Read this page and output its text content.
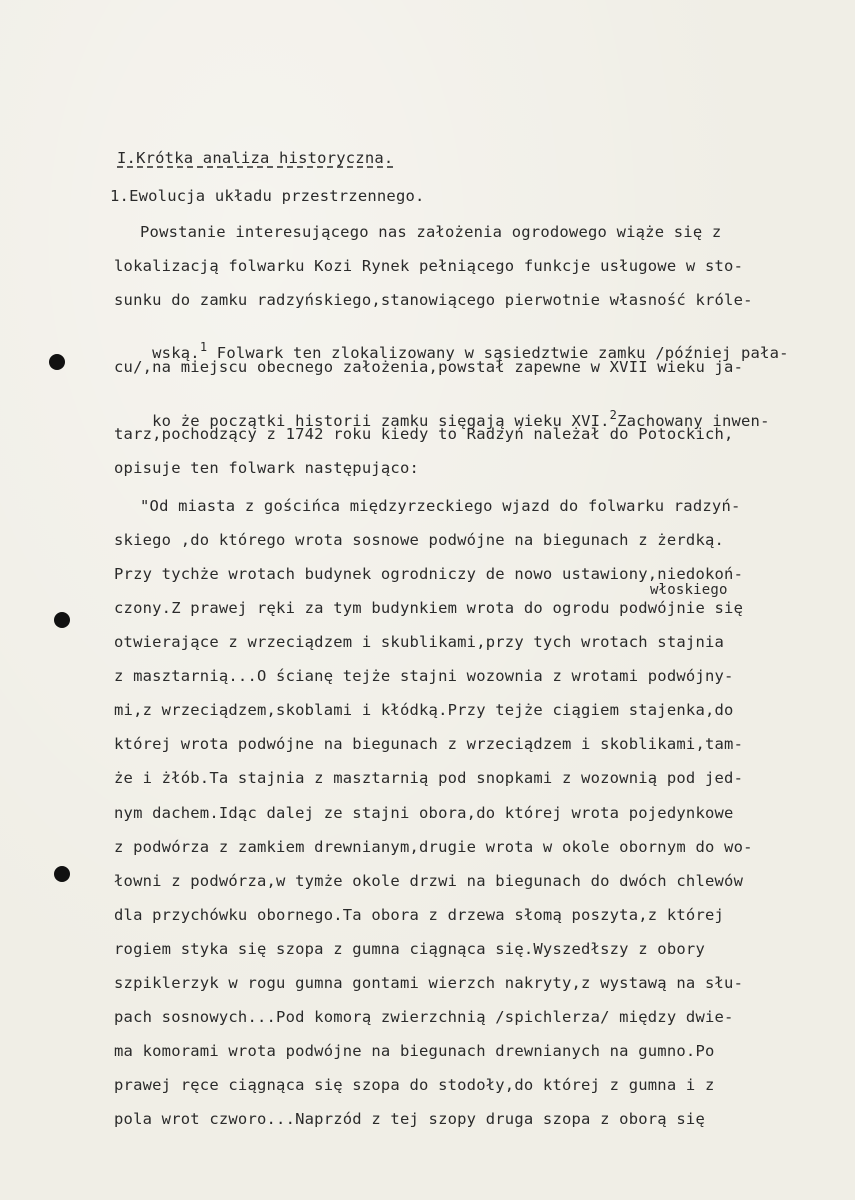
I.Krótka analiza historyczna.
1.Ewolucja układu przestrzennego.
Powstanie interesującego nas założenia ogrodowego wiąże się z
lokalizacją folwarku Kozi Rynek pełniącego funkcje usługowe w sto-
sunku do zamku radzyńskiego,stanowiącego pierwotnie własność króle-

wską.$^1$ Folwark ten zlokalizowany w sąsiedztwie zamku /później pała-

cu/,na miejscu obecnego założenia,powstał zapewne w XVII wieku ja-

ko że początki historii zamku sięgają wieku XVI.$^2$Zachowany inwen-

tarz,pochodzący z 1742 roku kiedy to Radzyń należał do Potockich,
opisuje ten folwark następująco:
"Od miasta z gościńca międzyrzeckiego wjazd do folwarku radzyń-
skiego ,do którego wrota sosnowe podwójne na biegunach z żerdką.
Przy tychże wrotach budynek ogrodniczy de nowo ustawiony,niedokoń-
włoskiego
czony.Z prawej ręki za tym budynkiem wrota do ogrodu podwójnie się
otwierające z wrzeciądzem i skublikami,przy tych wrotach stajnia
z masztarnią...O ścianę tejże stajni wozownia z wrotami podwójny-
mi,z wrzeciądzem,skoblami i kłódką.Przy tejże ciągiem stajenka,do
której wrota podwójne na biegunach z wrzeciądzem i skoblikami,tam-
że i żłób.Ta stajnia z masztarnią pod snopkami z wozownią pod jed-
nym dachem.Idąc dalej ze stajni obora,do której wrota pojedynkowe
z podwórza z zamkiem drewnianym,drugie wrota w okole obornym do wo-
łowni z podwórza,w tymże okole drzwi na biegunach do dwóch chlewów
dla przychówku obornego.Ta obora z drzewa słomą poszyta,z której
rogiem styka się szopa z gumna ciągnąca się.Wyszedłszy z obory
szpiklerzyk w rogu gumna gontami wierzch nakryty,z wystawą na słu-
pach sosnowych...Pod komorą zwierzchnią /spichlerza/ między dwie-
ma komorami wrota podwójne na biegunach drewnianych na gumno.Po
prawej ręce ciągnąca się szopa do stodoły,do której z gumna i z
pola wrot czworo...Naprzód z tej szopy druga szopa z oborą się
